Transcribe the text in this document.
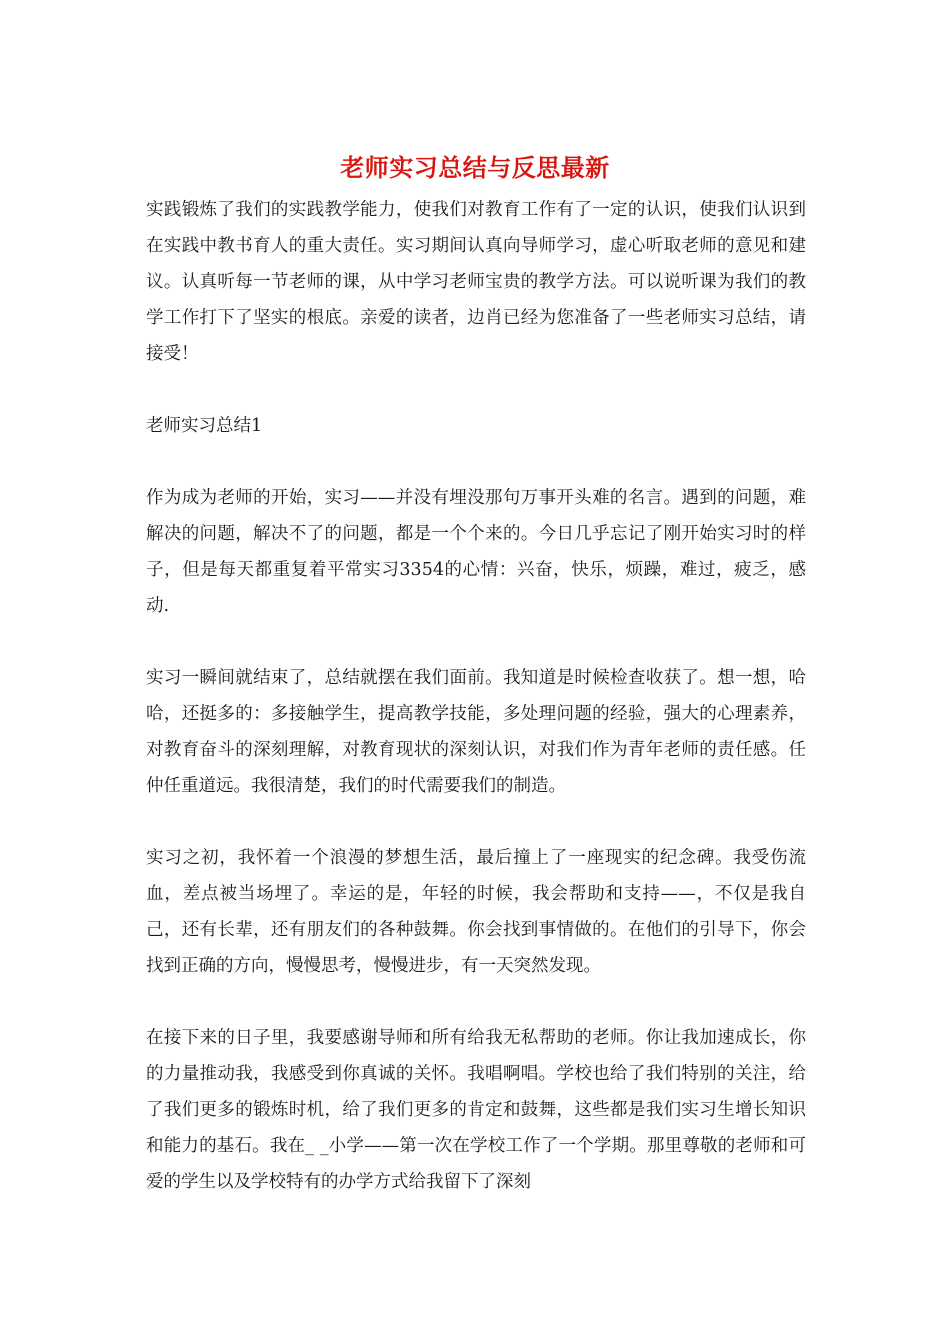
老师实习总结与反思最新

实践锻炼了我们的实践教学能力，使我们对教育工作有了一定的认识，使我们认识到在实践中教书育人的重大责任。实习期间认真向导师学习，虚心听取老师的意见和建议。认真听每一节老师的课，从中学习老师宝贵的教学方法。可以说听课为我们的教学工作打下了坚实的根底。亲爱的读者，边肖已经为您准备了一些老师实习总结，请接受！

老师实习总结1

作为成为老师的开始，实习——并没有埋没那句万事开头难的名言。遇到的问题，难解决的问题，解决不了的问题，都是一个个来的。今日几乎忘记了刚开始实习时的样子，但是每天都重复着平常实习3354的心情：兴奋，快乐，烦躁，难过，疲乏，感动.

实习一瞬间就结束了，总结就摆在我们面前。我知道是时候检查收获了。想一想，哈哈，还挺多的：多接触学生，提高教学技能，多处理问题的经验，强大的心理素养，对教育奋斗的深刻理解，对教育现状的深刻认识，对我们作为青年老师的责任感。任仲任重道远。我很清楚，我们的时代需要我们的制造。

实习之初，我怀着一个浪漫的梦想生活，最后撞上了一座现实的纪念碑。我受伤流血，差点被当场埋了。幸运的是，年轻的时候，我会帮助和支持——，不仅是我自己，还有长辈，还有朋友们的各种鼓舞。你会找到事情做的。在他们的引导下，你会找到正确的方向，慢慢思考，慢慢进步，有一天突然发现。

在接下来的日子里，我要感谢导师和所有给我无私帮助的老师。你让我加速成长，你的力量推动我，我感受到你真诚的关怀。我唱啊唱。学校也给了我们特别的关注，给了我们更多的锻炼时机，给了我们更多的肯定和鼓舞，这些都是我们实习生增长知识和能力的基石。我在_ _小学——第一次在学校工作了一个学期。那里尊敬的老师和可爱的学生以及学校特有的办学方式给我留下了深刻
